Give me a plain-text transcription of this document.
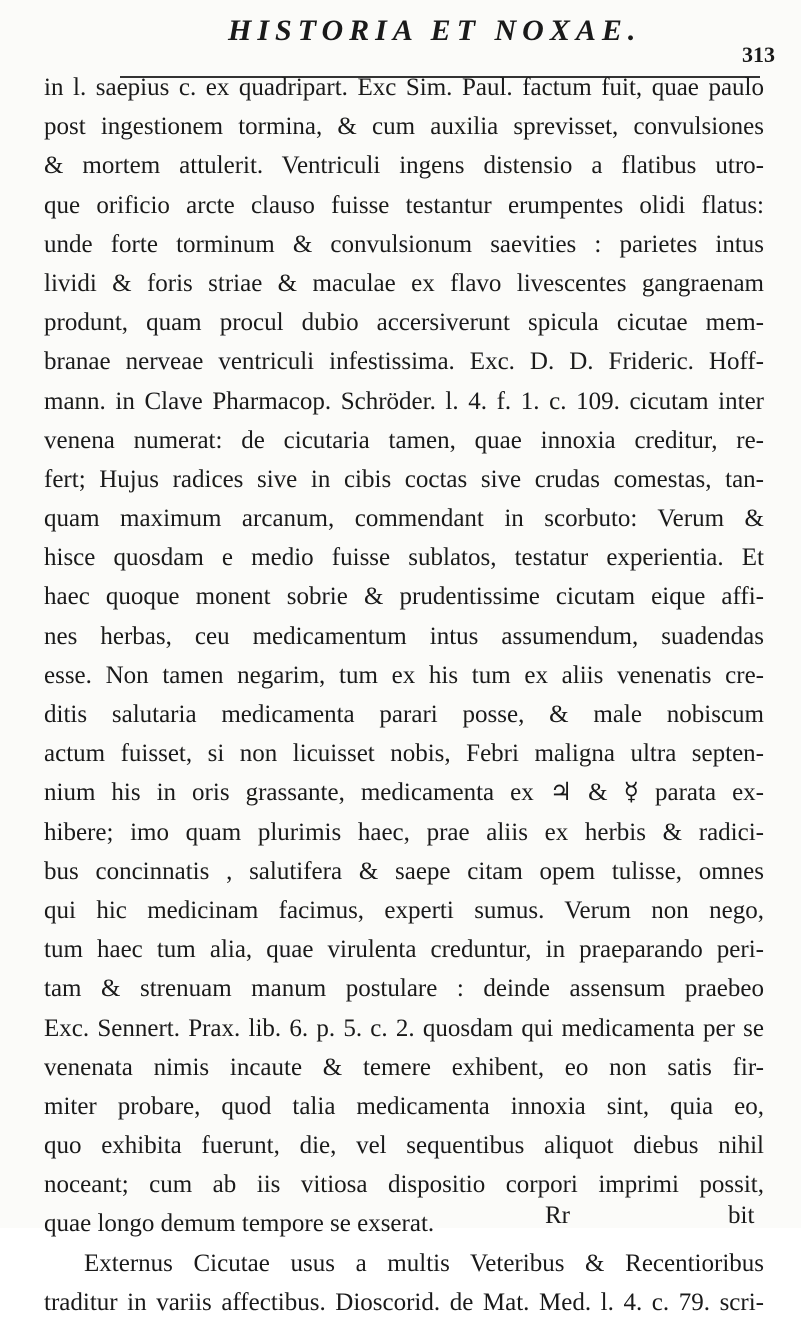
HISTORIA ET NOXAE.
313
in l. saepius c. ex quadripart. Exc Sim. Paul. factum fuit, quae paulo
post ingestionem tormina, & cum auxilia sprevisset, convulsiones
& mortem attulerit. Ventriculi ingens distensio a flatibus utro-
que orificio arcte clauso fuisse testantur erumpentes olidi flatus:
unde forte torminum & convulsionum saevities : parietes intus
lividi & foris striae & maculae ex flavo livescentes gangraenam
produnt, quam procul dubio accersiverunt spicula cicutae mem-
branae nerveae ventriculi infestissima. Exc. D. D. Frideric. Hoff-
mann. in Clave Pharmacop. Schröder. l. 4. f. 1. c. 109. cicutam inter
venena numerat: de cicutaria tamen, quae innoxia creditur, re-
fert; Hujus radices sive in cibis coctas sive crudas comestas, tan-
quam maximum arcanum, commendant in scorbuto: Verum &
hisce quosdam e medio fuisse sublatos, testatur experientia. Et
haec quoque monent sobrie & prudentissime cicutam eique affi-
nes herbas, ceu medicamentum intus assumendum, suadendas
esse. Non tamen negarim, tum ex his tum ex aliis venenatis cre-
ditis salutaria medicamenta parari posse, & male nobiscum
actum fuisset, si non licuisset nobis, Febri maligna ultra septen-
nium his in oris grassante, medicamenta ex ♃ & ☿ parata ex-
hibere; imo quam plurimis haec, prae aliis ex herbis & radici-
bus concinnatis , salutifera & saepe citam opem tulisse, omnes
qui hic medicinam facimus, experti sumus. Verum non nego,
tum haec tum alia, quae virulenta creduntur, in praeparando peri-
tam & strenuam manum postulare : deinde assensum praebeo
Exc. Sennert. Prax. lib. 6. p. 5. c. 2. quosdam qui medicamenta per se
venenata nimis incaute & temere exhibent, eo non satis fir-
miter probare, quod talia medicamenta innoxia sint, quia eo,
quo exhibita fuerunt, die, vel sequentibus aliquot diebus nihil
noceant; cum ab iis vitiosa dispositio corpori imprimi possit,
quae longo demum tempore se exserat.
Externus Cicutae usus a multis Veteribus & Recentioribus
traditur in variis affectibus. Dioscorid. de Mat. Med. l. 4. c. 79. scri-
Rr	bit
